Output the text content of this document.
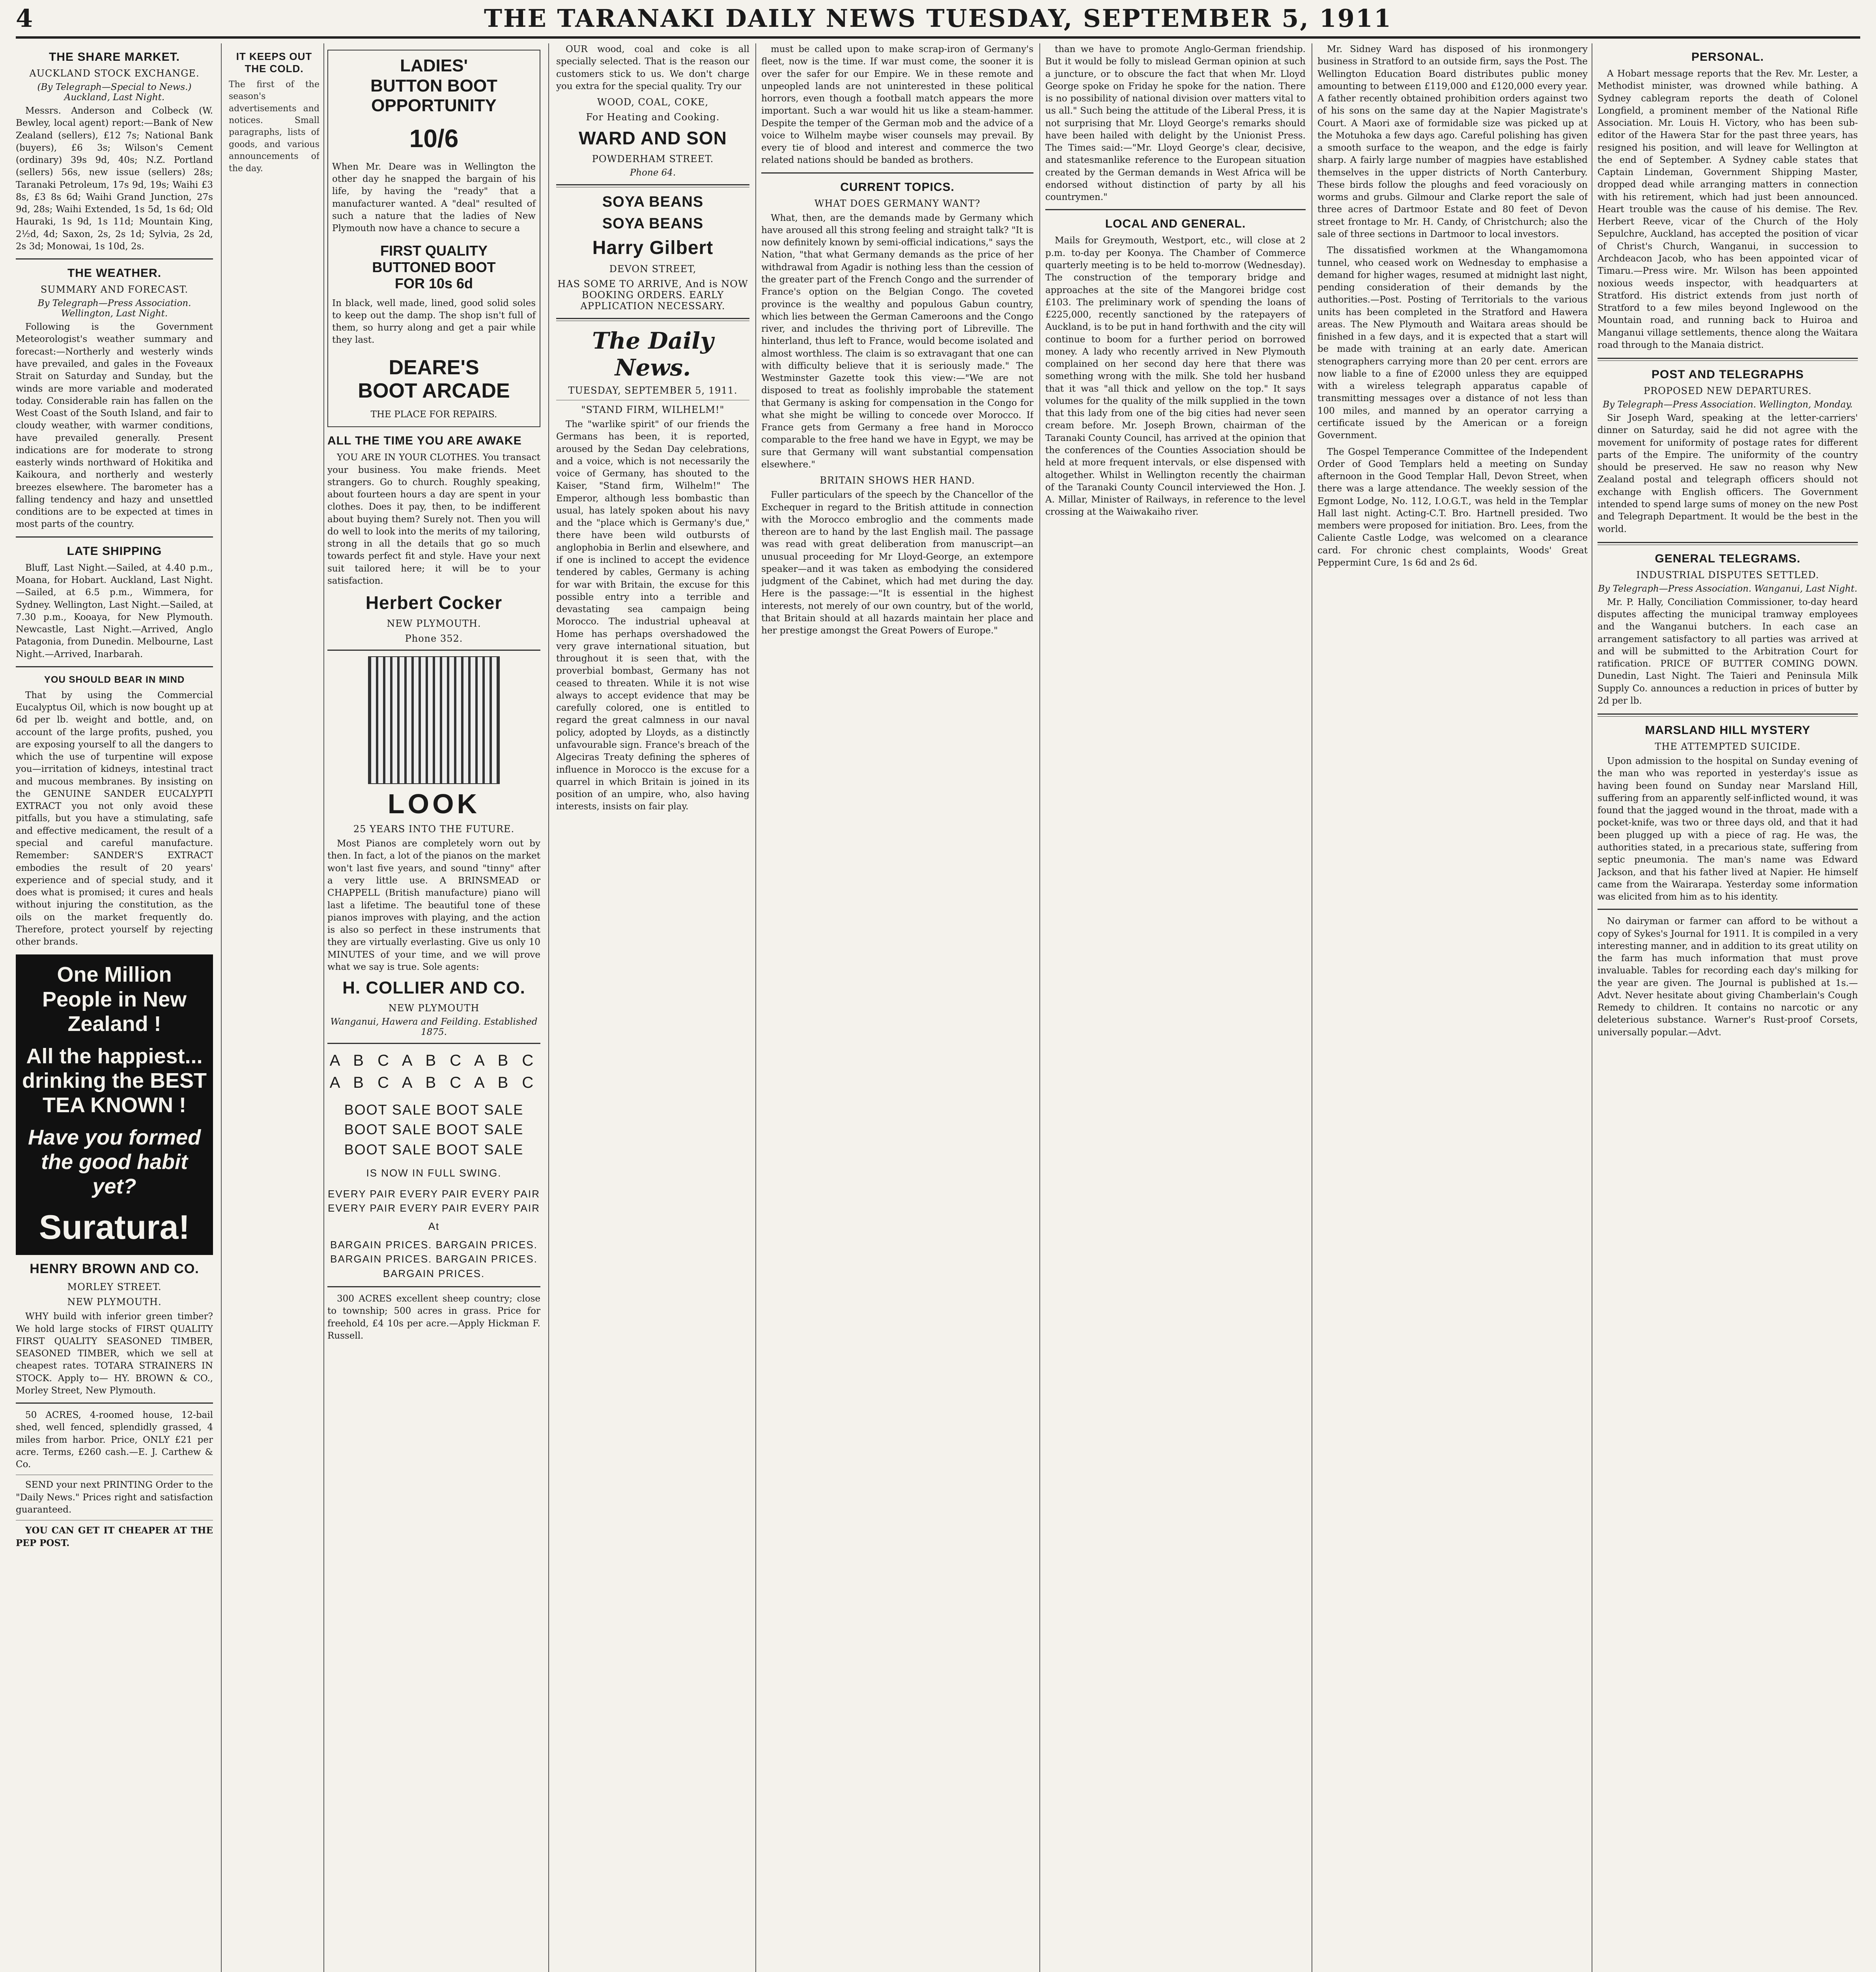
4	THE TARANAKI DAILY NEWS TUESDAY, SEPTEMBER 5, 1911
THE SHARE MARKET.
AUCKLAND STOCK EXCHANGE.
(By Telegraph—Special to News.) Auckland, Last Night.

Messrs. Anderson and Colbeck (W. Bewley, local agent) report:—Bank of New Zealand (sellers), £12 7s; National Bank (buyers), £6 3s; Wilson's Cement (ordinary) 39s 9d, 40s; N.Z. Portland (sellers) 56s, new issue (sellers) 28s; Taranaki Petroleum, 17s 9d, 19s; Waihi £3 8s, £3 8s 6d; Waihi Grand Junction, 27s 9d, 28s; Waihi Extended, 1s 5d, 1s 6d; Old Hauraki, 1s 9d, 1s 11d; Mountain King, 2½d, 4d; Saxon, 2s, 2s 1d; Sylvia, 2s 2d, 2s 3d; Monowai, 1s 10d, 2s.

THE WEATHER.
SUMMARY AND FORECAST.
By Telegraph—Press Association. Wellington, Last Night.

Following is the Government Meteorologist's weather summary and forecast:—Northerly and westerly winds have prevailed, and gales in the Foveaux Strait on Saturday and Sunday, but the winds are more variable and moderated today. Considerable rain has fallen on the West Coast of the South Island, and fair to cloudy weather, with warmer conditions, have prevailed generally. Present indications are for moderate to strong easterly winds northward of Hokitika and Kaikoura, and northerly and westerly breezes elsewhere. The barometer has a falling tendency and hazy and unsettled conditions are to be expected at times in most parts of the country.

LATE SHIPPING

Bluff, Last Night.—Sailed, at 4.40 p.m., Moana, for Hobart. Auckland, Last Night.—Sailed, at 6.5 p.m., Wimmera, for Sydney. Wellington, Last Night.—Sailed, at 7.30 p.m., Kooaya, for New Plymouth. Newcastle, Last Night.—Arrived, Anglo Patagonia, from Dunedin. Melbourne, Last Night.—Arrived, Inarbarah.

YOU SHOULD BEAR IN MIND

That by using the Commercial Eucalyptus Oil, which is now bought up at 6d per lb. weight and bottle, and, on account of the large profits, pushed, you are exposing yourself to all the dangers to which the use of turpentine will expose you—irritation of kidneys, intestinal tract and mucous membranes. By insisting on the GENUINE SANDER EUCALYPTI EXTRACT you not only avoid these pitfalls, but you have a stimulating, safe and effective medicament, the result of a special and careful manufacture. Remember: SANDER'S EXTRACT embodies the result of 20 years' experience and of special study, and it does what is promised; it cures and heals without injuring the constitution, as the oils on the market frequently do. Therefore, protect yourself by rejecting other brands.

One Million People in New Zealand !
All the happiest... drinking the BEST TEA KNOWN !
Have you formed the good habit yet?
Suratura!
HENRY BROWN AND CO.
MORLEY STREET.
NEW PLYMOUTH.

WHY build with inferior green timber? We hold large stocks of FIRST QUALITY FIRST QUALITY SEASONED TIMBER, SEASONED TIMBER, which we sell at cheapest rates. TOTARA STRAINERS IN STOCK. Apply to— HY. BROWN & CO., Morley Street, New Plymouth.

50 ACRES, 4-roomed house, 12-bail shed, well fenced, splendidly grassed, 4 miles from harbor. Price, ONLY £21 per acre. Terms, £260 cash.—E. J. Carthew & Co.

SEND your next PRINTING Order to the "Daily News." Prices right and satisfaction guaranteed.

YOU CAN GET IT CHEAPER AT THE PEP POST.

IT KEEPS OUT THE COLD.

The first of the season's advertisements and notices. Small paragraphs, lists of goods, and various announcements of the day.

LADIES'
BUTTON BOOT
OPPORTUNITY
10/6

When Mr. Deare was in Wellington the other day he snapped the bargain of his life, by having the "ready" that a manufacturer wanted. A "deal" resulted of such a nature that the ladies of New Plymouth now have a chance to secure a

FIRST QUALITY
BUTTONED BOOT
FOR 10s 6d

In black, well made, lined, good solid soles to keep out the damp. The shop isn't full of them, so hurry along and get a pair while they last.

DEARE'S
BOOT ARCADE
THE PLACE FOR REPAIRS.
ALL THE TIME YOU ARE AWAKE

YOU ARE IN YOUR CLOTHES. You transact your business. You make friends. Meet strangers. Go to church. Roughly speaking, about fourteen hours a day are spent in your clothes. Does it pay, then, to be indifferent about buying them? Surely not. Then you will do well to look into the merits of my tailoring, strong in all the details that go so much towards perfect fit and style. Have your next suit tailored here; it will be to your satisfaction.

Herbert Cocker
NEW PLYMOUTH.
Phone 352.
LOOK
25 YEARS INTO THE FUTURE.

Most Pianos are completely worn out by then. In fact, a lot of the pianos on the market won't last five years, and sound "tinny" after a very little use. A BRINSMEAD or CHAPPELL (British manufacture) piano will last a lifetime. The beautiful tone of these pianos improves with playing, and the action is also so perfect in these instruments that they are virtually everlasting. Give us only 10 MINUTES of your time, and we will prove what we say is true. Sole agents:

H. COLLIER AND CO.
NEW PLYMOUTH
Wanganui, Hawera and Feilding. Established 1875.
A B C A B C A B C A B C A B C A B C
BOOT SALE BOOT SALE BOOT SALE BOOT SALE BOOT SALE BOOT SALE
IS NOW IN FULL SWING.
EVERY PAIR EVERY PAIR EVERY PAIR EVERY PAIR EVERY PAIR EVERY PAIR
At
BARGAIN PRICES. BARGAIN PRICES. BARGAIN PRICES. BARGAIN PRICES. BARGAIN PRICES.

300 ACRES excellent sheep country; close to township; 500 acres in grass. Price for freehold, £4 10s per acre.—Apply Hickman F. Russell.

OUR wood, coal and coke is all specially selected. That is the reason our customers stick to us. We don't charge you extra for the special quality. Try our

WOOD, COAL, COKE,
For Heating and Cooking.
WARD AND SON
POWDERHAM STREET.
Phone 64.
SOYA BEANS
SOYA BEANS
Harry Gilbert
DEVON STREET,
HAS SOME TO ARRIVE, And is NOW BOOKING ORDERS. EARLY APPLICATION NECESSARY.
The Daily News.
TUESDAY, SEPTEMBER 5, 1911.
"STAND FIRM, WILHELM!"

The "warlike spirit" of our friends the Germans has been, it is reported, aroused by the Sedan Day celebrations, and a voice, which is not necessarily the voice of Germany, has shouted to the Kaiser, "Stand firm, Wilhelm!" The Emperor, although less bombastic than usual, has lately spoken about his navy and the "place which is Germany's due," there have been wild outbursts of anglophobia in Berlin and elsewhere, and if one is inclined to accept the evidence tendered by cables, Germany is aching for war with Britain, the excuse for this possible entry into a terrible and devastating sea campaign being Morocco. The industrial upheaval at Home has perhaps overshadowed the very grave international situation, but throughout it is seen that, with the proverbial bombast, Germany has not ceased to threaten. While it is not wise always to accept evidence that may be carefully colored, one is entitled to regard the great calmness in our naval policy, adopted by Lloyds, as a distinctly unfavourable sign. France's breach of the Algeciras Treaty defining the spheres of influence in Morocco is the excuse for a quarrel in which Britain is joined in its position of an umpire, who, also having interests, insists on fair play.

must be called upon to make scrap-iron of Germany's fleet, now is the time. If war must come, the sooner it is over the safer for our Empire. We in these remote and unpeopled lands are not uninterested in these political horrors, even though a football match appears the more important. Such a war would hit us like a steam-hammer. Despite the temper of the German mob and the advice of a voice to Wilhelm maybe wiser counsels may prevail. By every tie of blood and interest and commerce the two related nations should be banded as brothers.

CURRENT TOPICS.
WHAT DOES GERMANY WANT?

What, then, are the demands made by Germany which have aroused all this strong feeling and straight talk? "It is now definitely known by semi-official indications," says the Nation, "that what Germany demands as the price of her withdrawal from Agadir is nothing less than the cession of the greater part of the French Congo and the surrender of France's option on the Belgian Congo. The coveted province is the wealthy and populous Gabun country, which lies between the German Cameroons and the Congo river, and includes the thriving port of Libreville. The hinterland, thus left to France, would become isolated and almost worthless. The claim is so extravagant that one can with difficulty believe that it is seriously made." The Westminster Gazette took this view:—"We are not disposed to treat as foolishly improbable the statement that Germany is asking for compensation in the Congo for what she might be willing to concede over Morocco. If France gets from Germany a free hand in Morocco comparable to the free hand we have in Egypt, we may be sure that Germany will want substantial compensation elsewhere."

BRITAIN SHOWS HER HAND.

Fuller particulars of the speech by the Chancellor of the Exchequer in regard to the British attitude in connection with the Morocco embroglio and the comments made thereon are to hand by the last English mail. The passage was read with great deliberation from manuscript—an unusual proceeding for Mr Lloyd-George, an extempore speaker—and it was taken as embodying the considered judgment of the Cabinet, which had met during the day. Here is the passage:—"It is essential in the highest interests, not merely of our own country, but of the world, that Britain should at all hazards maintain her place and her prestige amongst the Great Powers of Europe."

than we have to promote Anglo-German friendship. But it would be folly to mislead German opinion at such a juncture, or to obscure the fact that when Mr. Lloyd George spoke on Friday he spoke for the nation. There is no possibility of national division over matters vital to us all." Such being the attitude of the Liberal Press, it is not surprising that Mr. Lloyd George's remarks should have been hailed with delight by the Unionist Press. The Times said:—"Mr. Lloyd George's clear, decisive, and statesmanlike reference to the European situation created by the German demands in West Africa will be endorsed without distinction of party by all his countrymen."

LOCAL AND GENERAL.

Mails for Greymouth, Westport, etc., will close at 2 p.m. to-day per Koonya. The Chamber of Commerce quarterly meeting is to be held to-morrow (Wednesday). The construction of the temporary bridge and approaches at the site of the Mangorei bridge cost £103. The preliminary work of spending the loans of £225,000, recently sanctioned by the ratepayers of Auckland, is to be put in hand forthwith and the city will continue to boom for a further period on borrowed money. A lady who recently arrived in New Plymouth complained on her second day here that there was something wrong with the milk. She told her husband that it was "all thick and yellow on the top." It says volumes for the quality of the milk supplied in the town that this lady from one of the big cities had never seen cream before. Mr. Joseph Brown, chairman of the Taranaki County Council, has arrived at the opinion that the conferences of the Counties Association should be held at more frequent intervals, or else dispensed with altogether. Whilst in Wellington recently the chairman of the Taranaki County Council interviewed the Hon. J. A. Millar, Minister of Railways, in reference to the level crossing at the Waiwakaiho river.

Mr. Sidney Ward has disposed of his ironmongery business in Stratford to an outside firm, says the Post. The Wellington Education Board distributes public money amounting to between £119,000 and £120,000 every year. A father recently obtained prohibition orders against two of his sons on the same day at the Napier Magistrate's Court. A Maori axe of formidable size was picked up at the Motuhoka a few days ago. Careful polishing has given a smooth surface to the weapon, and the edge is fairly sharp. A fairly large number of magpies have established themselves in the upper districts of North Canterbury. These birds follow the ploughs and feed voraciously on worms and grubs. Gilmour and Clarke report the sale of three acres of Dartmoor Estate and 80 feet of Devon street frontage to Mr. H. Candy, of Christchurch; also the sale of three sections in Dartmoor to local investors.

The dissatisfied workmen at the Whangamomona tunnel, who ceased work on Wednesday to emphasise a demand for higher wages, resumed at midnight last night, pending consideration of their demands by the authorities.—Post. Posting of Territorials to the various units has been completed in the Stratford and Hawera areas. The New Plymouth and Waitara areas should be finished in a few days, and it is expected that a start will be made with training at an early date. American stenographers carrying more than 20 per cent. errors are now liable to a fine of £2000 unless they are equipped with a wireless telegraph apparatus capable of transmitting messages over a distance of not less than 100 miles, and manned by an operator carrying a certificate issued by the American or a foreign Government.

The Gospel Temperance Committee of the Independent Order of Good Templars held a meeting on Sunday afternoon in the Good Templar Hall, Devon Street, when there was a large attendance. The weekly session of the Egmont Lodge, No. 112, I.O.G.T., was held in the Templar Hall last night. Acting-C.T. Bro. Hartnell presided. Two members were proposed for initiation. Bro. Lees, from the Caliente Castle Lodge, was welcomed on a clearance card. For chronic chest complaints, Woods' Great Peppermint Cure, 1s 6d and 2s 6d.

PERSONAL.

A Hobart message reports that the Rev. Mr. Lester, a Methodist minister, was drowned while bathing. A Sydney cablegram reports the death of Colonel Longfield, a prominent member of the National Rifle Association. Mr. Louis H. Victory, who has been sub-editor of the Hawera Star for the past three years, has resigned his position, and will leave for Wellington at the end of September. A Sydney cable states that Captain Lindeman, Government Shipping Master, dropped dead while arranging matters in connection with his retirement, which had just been announced. Heart trouble was the cause of his demise. The Rev. Herbert Reeve, vicar of the Church of the Holy Sepulchre, Auckland, has accepted the position of vicar of Christ's Church, Wanganui, in succession to Archdeacon Jacob, who has been appointed vicar of Timaru.—Press wire. Mr. Wilson has been appointed noxious weeds inspector, with headquarters at Stratford. His district extends from just north of Stratford to a few miles beyond Inglewood on the Mountain road, and running back to Huiroa and Manganui village settlements, thence along the Waitara road through to the Manaia district.

POST AND TELEGRAPHS
PROPOSED NEW DEPARTURES.
By Telegraph—Press Association. Wellington, Monday.

Sir Joseph Ward, speaking at the letter-carriers' dinner on Saturday, said he did not agree with the movement for uniformity of postage rates for different parts of the Empire. The uniformity of the country should be preserved. He saw no reason why New Zealand postal and telegraph officers should not exchange with English officers. The Government intended to spend large sums of money on the new Post and Telegraph Department. It would be the best in the world.

GENERAL TELEGRAMS.
INDUSTRIAL DISPUTES SETTLED.
By Telegraph—Press Association. Wanganui, Last Night.

Mr. P. Hally, Conciliation Commissioner, to-day heard disputes affecting the municipal tramway employees and the Wanganui butchers. In each case an arrangement satisfactory to all parties was arrived at and will be submitted to the Arbitration Court for ratification. PRICE OF BUTTER COMING DOWN. Dunedin, Last Night. The Taieri and Peninsula Milk Supply Co. announces a reduction in prices of butter by 2d per lb.

MARSLAND HILL MYSTERY
THE ATTEMPTED SUICIDE.

Upon admission to the hospital on Sunday evening of the man who was reported in yesterday's issue as having been found on Sunday near Marsland Hill, suffering from an apparently self-inflicted wound, it was found that the jagged wound in the throat, made with a pocket-knife, was two or three days old, and that it had been plugged up with a piece of rag. He was, the authorities stated, in a precarious state, suffering from septic pneumonia. The man's name was Edward Jackson, and that his father lived at Napier. He himself came from the Wairarapa. Yesterday some information was elicited from him as to his identity.

No dairyman or farmer can afford to be without a copy of Sykes's Journal for 1911. It is compiled in a very interesting manner, and in addition to its great utility on the farm has much information that must prove invaluable. Tables for recording each day's milking for the year are given. The Journal is published at 1s.—Advt. Never hesitate about giving Chamberlain's Cough Remedy to children. It contains no narcotic or any deleterious substance. Warner's Rust-proof Corsets, universally popular.—Advt.
